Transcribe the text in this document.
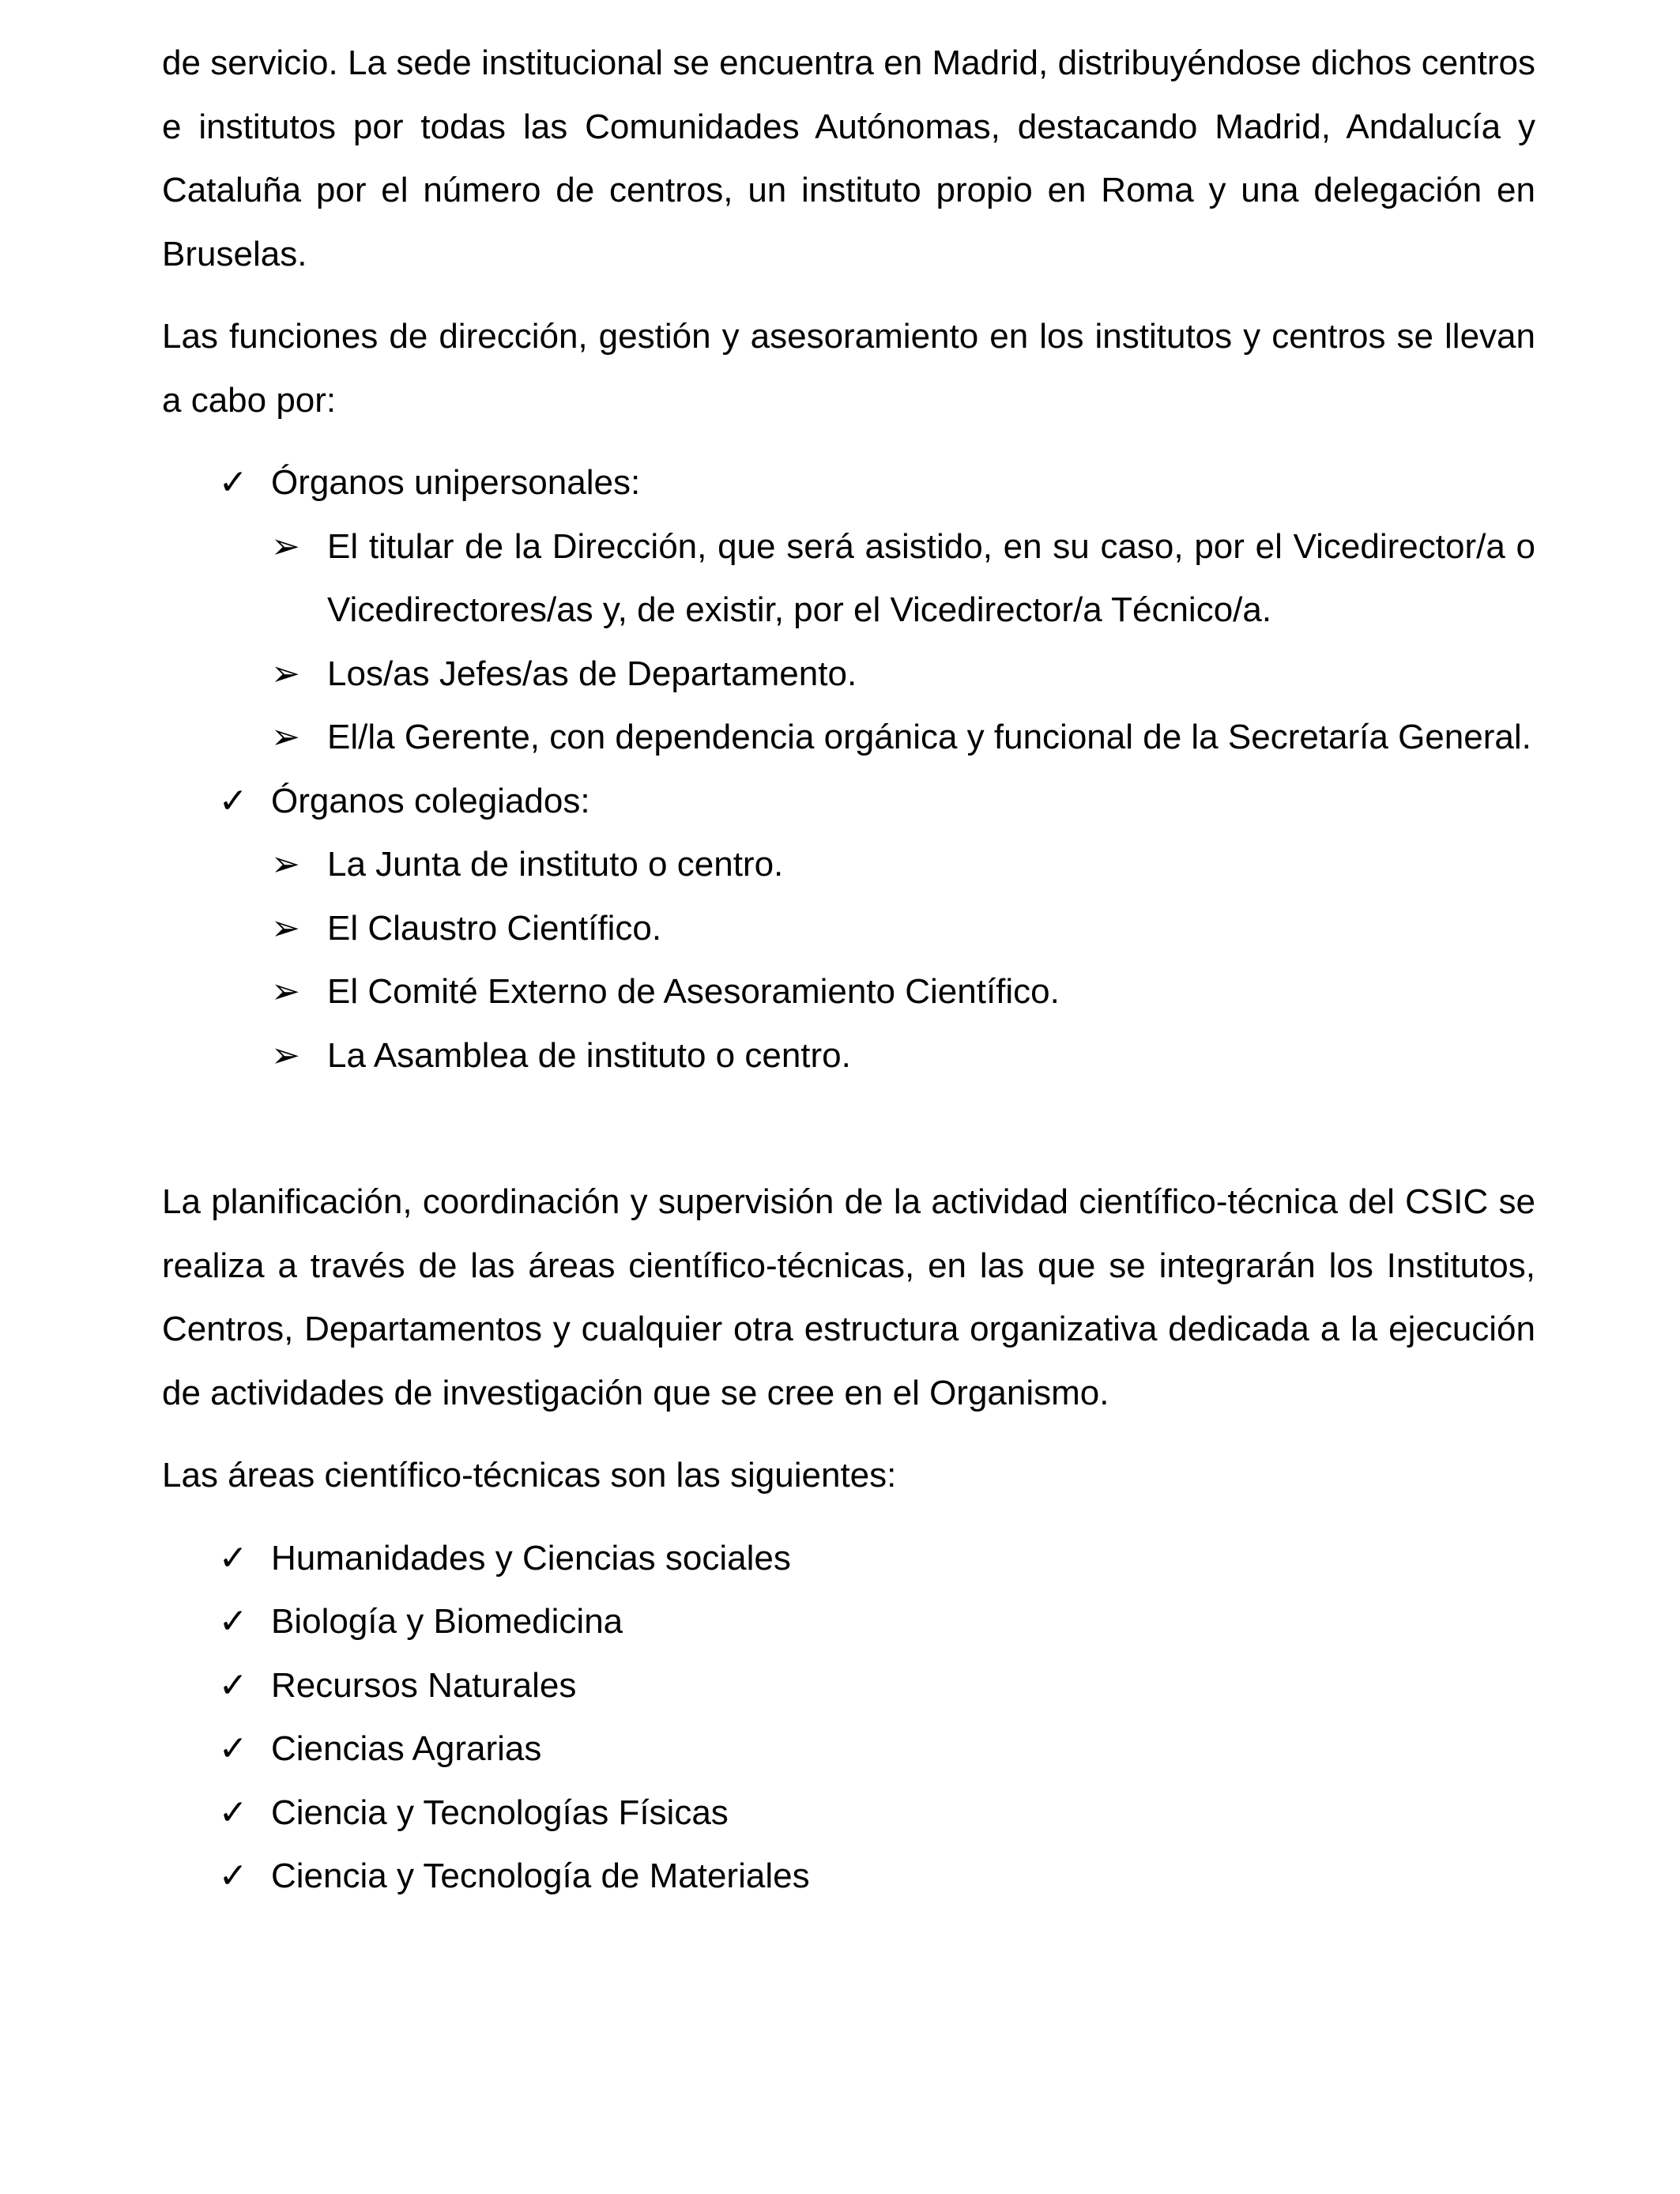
de servicio. La sede institucional se encuentra en Madrid, distribuyéndose dichos centros e institutos por todas las Comunidades Autónomas, destacando Madrid, Andalucía y Cataluña por el número de centros, un instituto propio en Roma y una delegación en Bruselas.

Las funciones de dirección, gestión y asesoramiento en los institutos y centros se llevan a cabo por:

✓ Órganos unipersonales:
➢ El titular de la Dirección, que será asistido, en su caso, por el Vicedirector/a o Vicedirectores/as y, de existir, por el Vicedirector/a Técnico/a.
➢ Los/as Jefes/as de Departamento.
➢ El/la Gerente, con dependencia orgánica y funcional de la Secretaría General.
✓ Órganos colegiados:
➢ La Junta de instituto o centro.
➢ El Claustro Científico.
➢ El Comité Externo de Asesoramiento Científico.
➢ La Asamblea de instituto o centro.

La planificación, coordinación y supervisión de la actividad científico-técnica del CSIC se realiza a través de las áreas científico-técnicas, en las que se integrarán los Institutos, Centros, Departamentos y cualquier otra estructura organizativa dedicada a la ejecución de actividades de investigación que se cree en el Organismo.

Las áreas científico-técnicas son las siguientes:

✓ Humanidades y Ciencias sociales
✓ Biología y Biomedicina
✓ Recursos Naturales
✓ Ciencias Agrarias
✓ Ciencia y Tecnologías Físicas
✓ Ciencia y Tecnología de Materiales
